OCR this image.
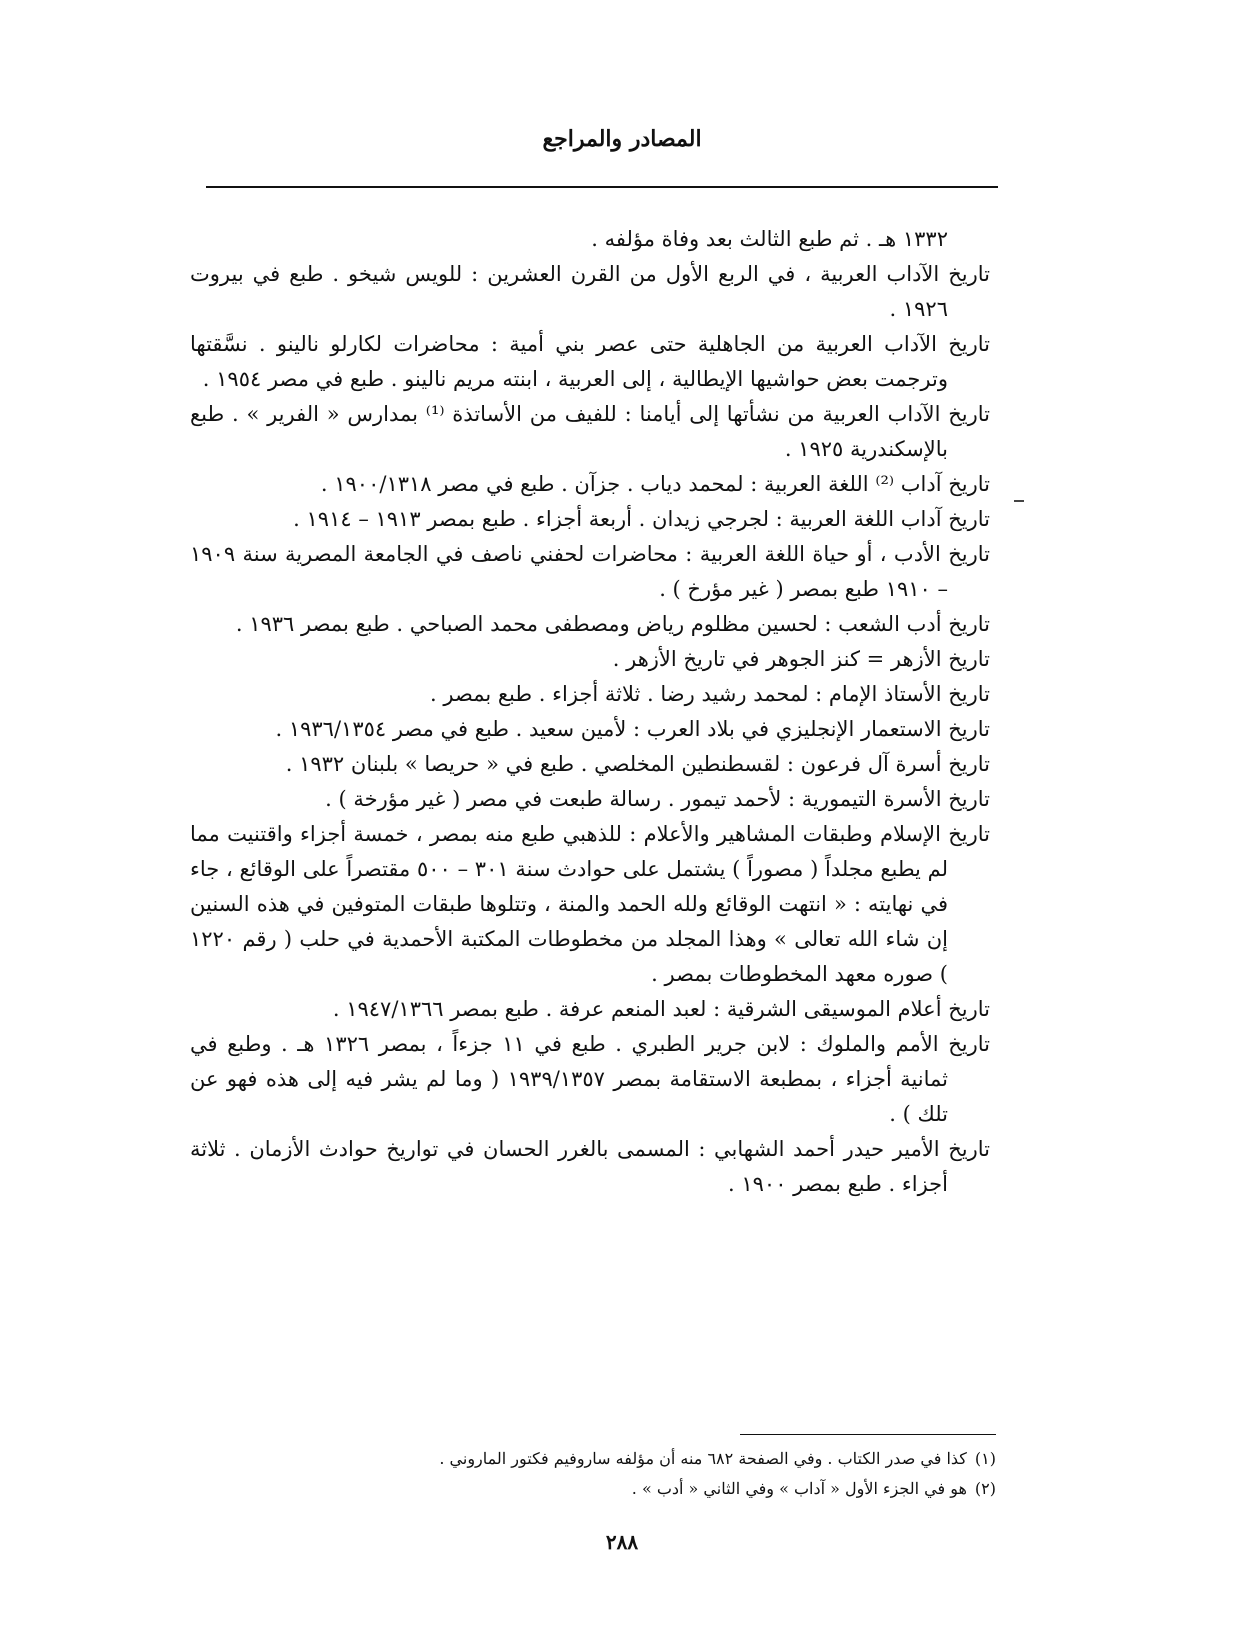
المصادر والمراجع

١٣٣٢ هـ . ثم طبع الثالث بعد وفاة مؤلفه .

تاريخ الآداب العربية ، في الربع الأول من القرن العشرين : للويس شيخو . طبع في بيروت ١٩٢٦ .

تاريخ الآداب العربية من الجاهلية حتى عصر بني أمية : محاضرات لكارلو نالينو . نسَّقتها وترجمت بعض حواشيها الإيطالية ، إلى العربية ، ابنته مريم نالينو . طبع في مصر ١٩٥٤ .

تاريخ الآداب العربية من نشأتها إلى أيامنا : للفيف من الأساتذة ⁽¹⁾ بمدارس « الفرير » . طبع بالإسكندرية ١٩٢٥ .

تاريخ آداب ⁽²⁾ اللغة العربية : لمحمد دياب . جزآن . طبع في مصر ١٩٠٠/١٣١٨ .

تاريخ آداب اللغة العربية : لجرجي زيدان . أربعة أجزاء . طبع بمصر ١٩١٣ – ١٩١٤ .

تاريخ الأدب ، أو حياة اللغة العربية : محاضرات لحفني ناصف في الجامعة المصرية سنة ١٩٠٩ – ١٩١٠ طبع بمصر ( غير مؤرخ ) .

تاريخ أدب الشعب : لحسين مظلوم رياض ومصطفى محمد الصباحي . طبع بمصر ١٩٣٦ .

تاريخ الأزهر = كنز الجوهر في تاريخ الأزهر .

تاريخ الأستاذ الإمام : لمحمد رشيد رضا . ثلاثة أجزاء . طبع بمصر .

تاريخ الاستعمار الإنجليزي في بلاد العرب : لأمين سعيد . طبع في مصر ١٩٣٦/١٣٥٤ .

تاريخ أسرة آل فرعون : لقسطنطين المخلصي . طبع في « حريصا » بلبنان ١٩٣٢ .

تاريخ الأسرة التيمورية : لأحمد تيمور . رسالة طبعت في مصر ( غير مؤرخة ) .

تاريخ الإسلام وطبقات المشاهير والأعلام : للذهبي طبع منه بمصر ، خمسة أجزاء واقتنيت مما لم يطبع مجلداً ( مصوراً ) يشتمل على حوادث سنة ٣٠١ – ٥٠٠ مقتصراً على الوقائع ، جاء في نهايته : « انتهت الوقائع ولله الحمد والمنة ، وتتلوها طبقات المتوفين في هذه السنين إن شاء الله تعالى » وهذا المجلد من مخطوطات المكتبة الأحمدية في حلب ( رقم ١٢٢٠ ) صوره معهد المخطوطات بمصر .

تاريخ أعلام الموسيقى الشرقية : لعبد المنعم عرفة . طبع بمصر ١٩٤٧/١٣٦٦ .

تاريخ الأمم والملوك : لابن جرير الطبري . طبع في ١١ جزءاً ، بمصر ١٣٢٦ هـ . وطبع في ثمانية أجزاء ، بمطبعة الاستقامة بمصر ١٩٣٩/١٣٥٧ ( وما لم يشر فيه إلى هذه فهو عن تلك ) .

تاريخ الأمير حيدر أحمد الشهابي : المسمى بالغرر الحسان في تواريخ حوادث الأزمان . ثلاثة أجزاء . طبع بمصر ١٩٠٠ .

(١)كذا في صدر الكتاب . وفي الصفحة ٦٨٢ منه أن مؤلفه ساروفيم فكتور الماروني .

(٢)هو في الجزء الأول « آداب » وفي الثاني « أدب » .

٢٨٨
